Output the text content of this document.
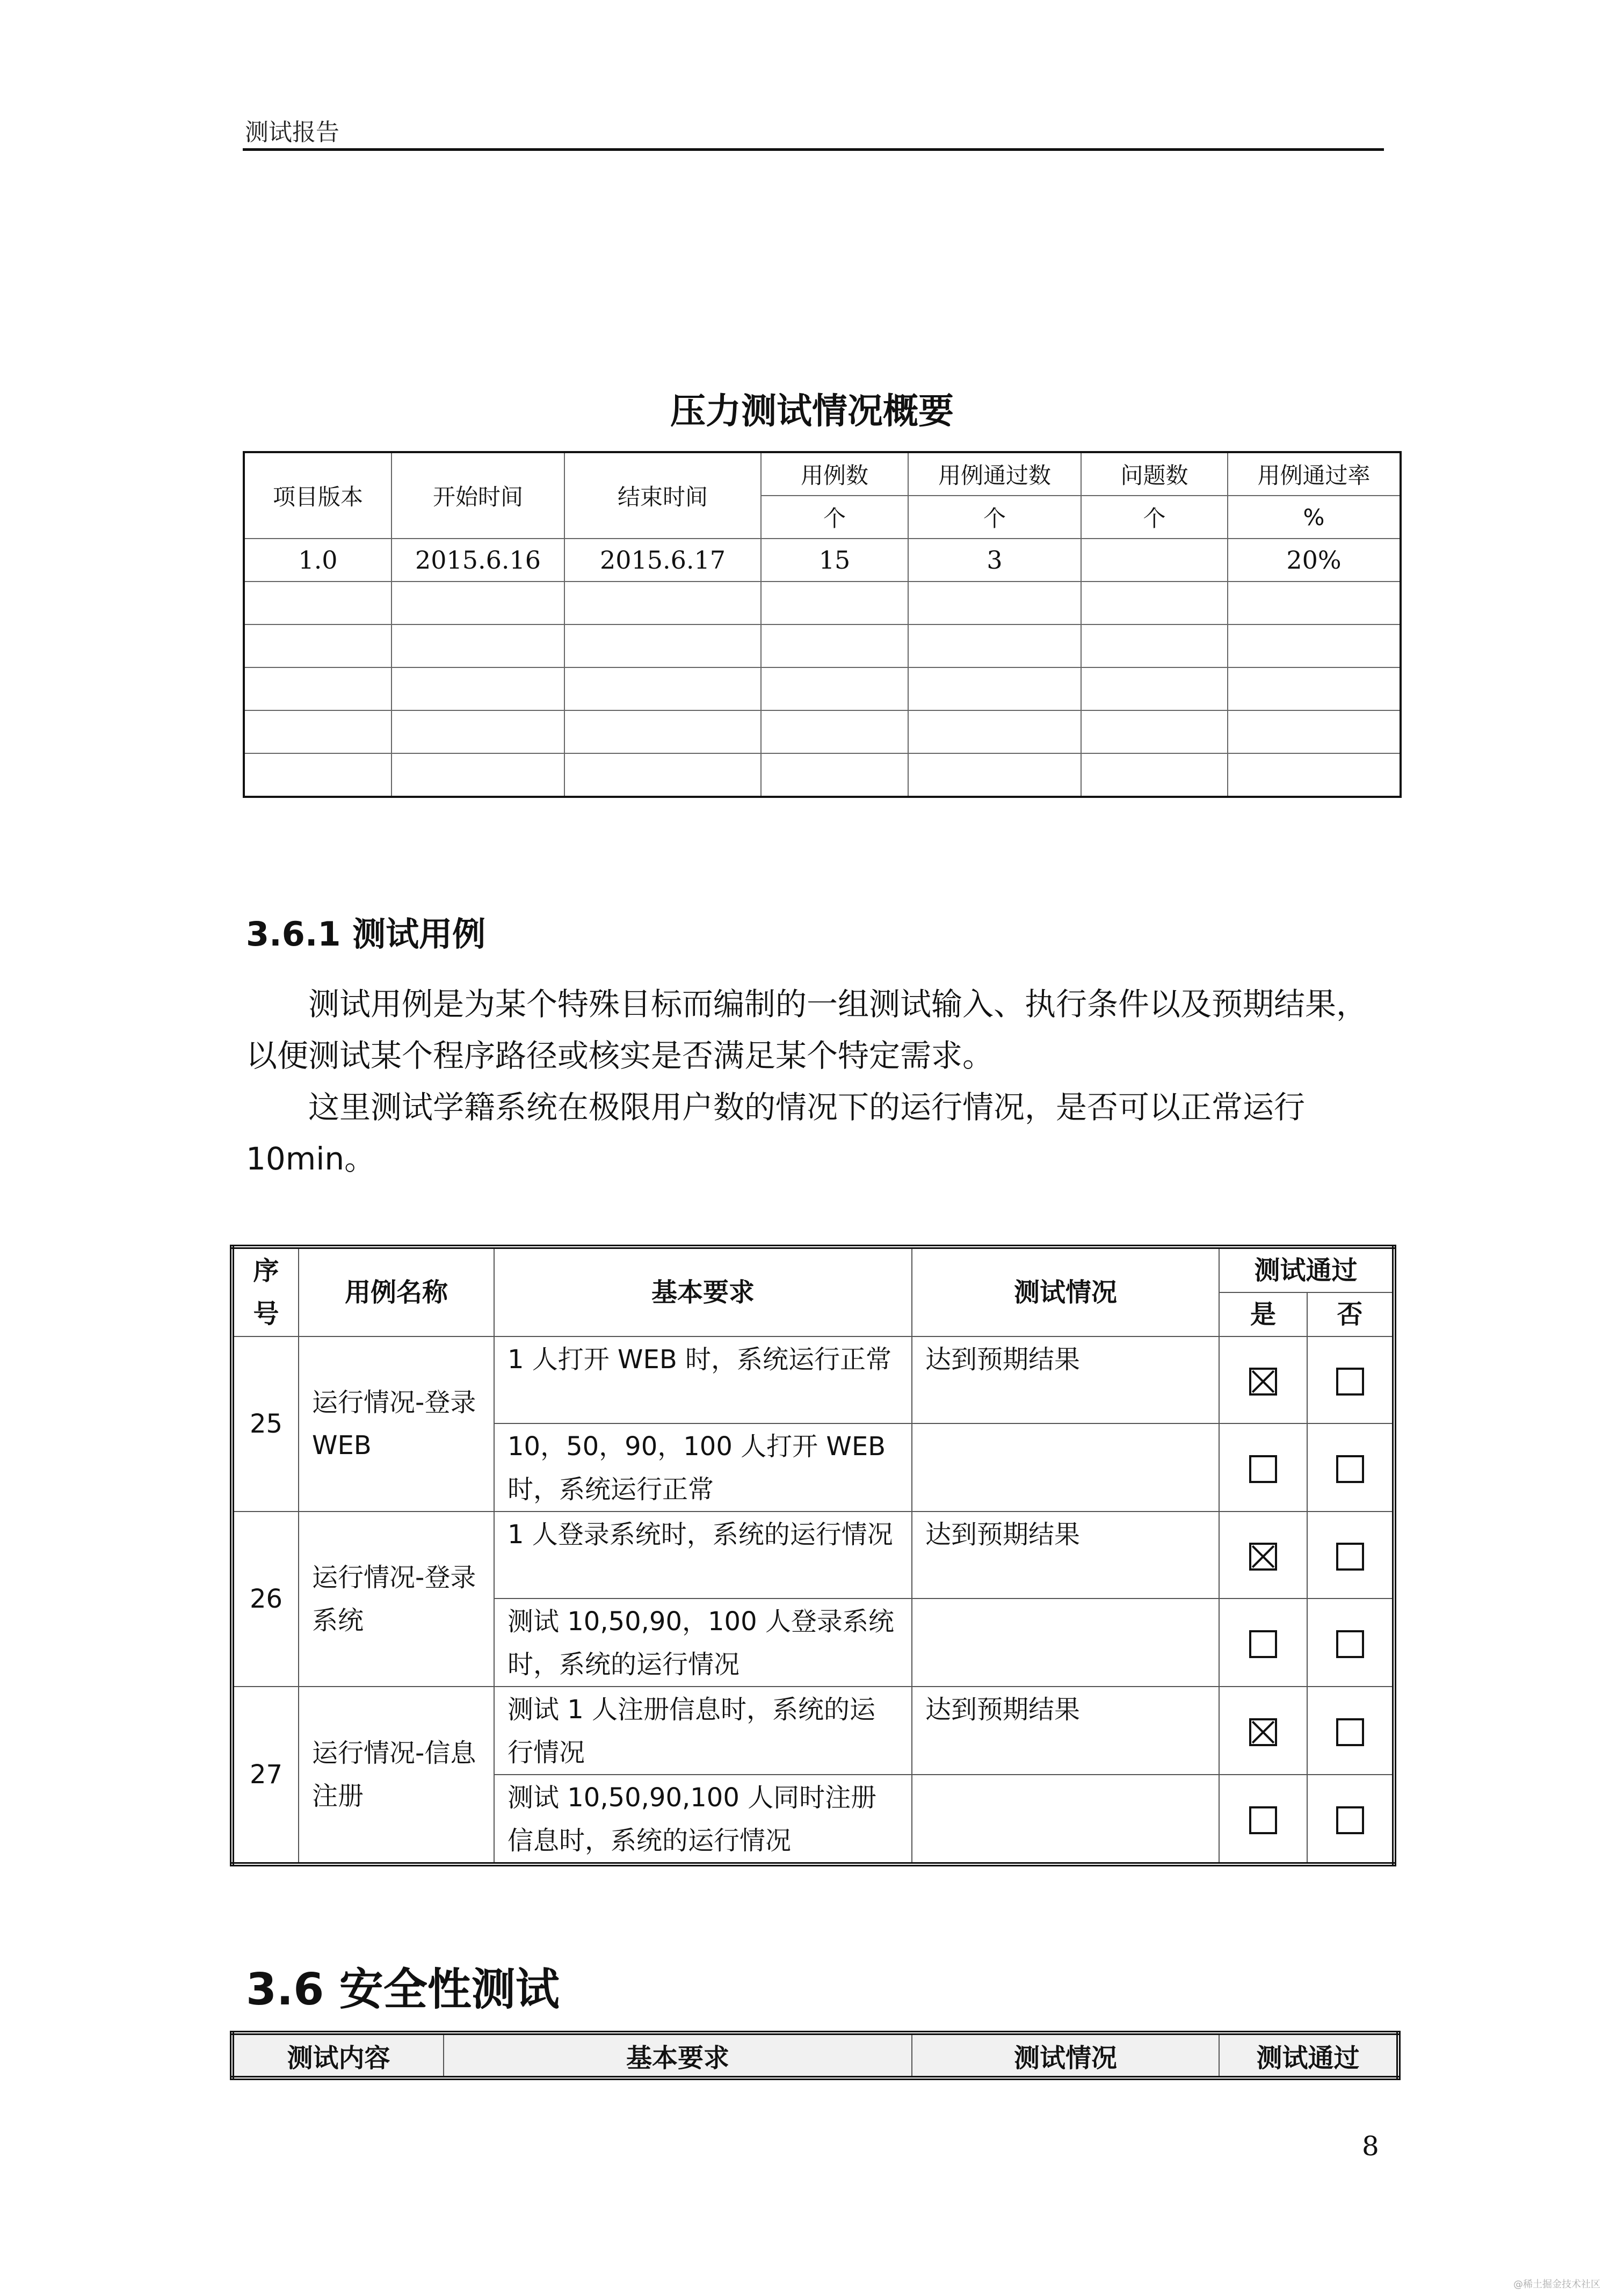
测试报告
压力测试情况概要
项目版本	开始时间	结束时间	用例数	用例通过数	问题数	用例通过率
			个	个	个	%
1.0	2015.6.16	2015.6.17	15	3		20%

3.6.1 测试用例
测试用例是为某个特殊目标而编制的一组测试输入、执行条件以及预期结果，以便测试某个程序路径或核实是否满足某个特定需求。
这里测试学籍系统在极限用户数的情况下的运行情况，是否可以正常运行10min。
序
号	用例名称	基本要求	测试情况	测试通过	
				是	否
25	运行情况-登录 WEB	1 人打开 WEB 时，系统运行正常	达到预期结果		
		10，50，90，100 人打开 WEB 时，系统运行正常			
26	运行情况-登录系统	1 人登录系统时，系统的运行情况	达到预期结果		
		测试 10,50,90，100 人登录系统时，系统的运行情况			
27	运行情况-信息注册	测试 1 人注册信息时，系统的运行情况	达到预期结果		
		测试 10,50,90,100 人同时注册信息时，系统的运行情况			
3.6 安全性测试
测试内容	基本要求	测试情况	测试通过
8
@稀土掘金技术社区
